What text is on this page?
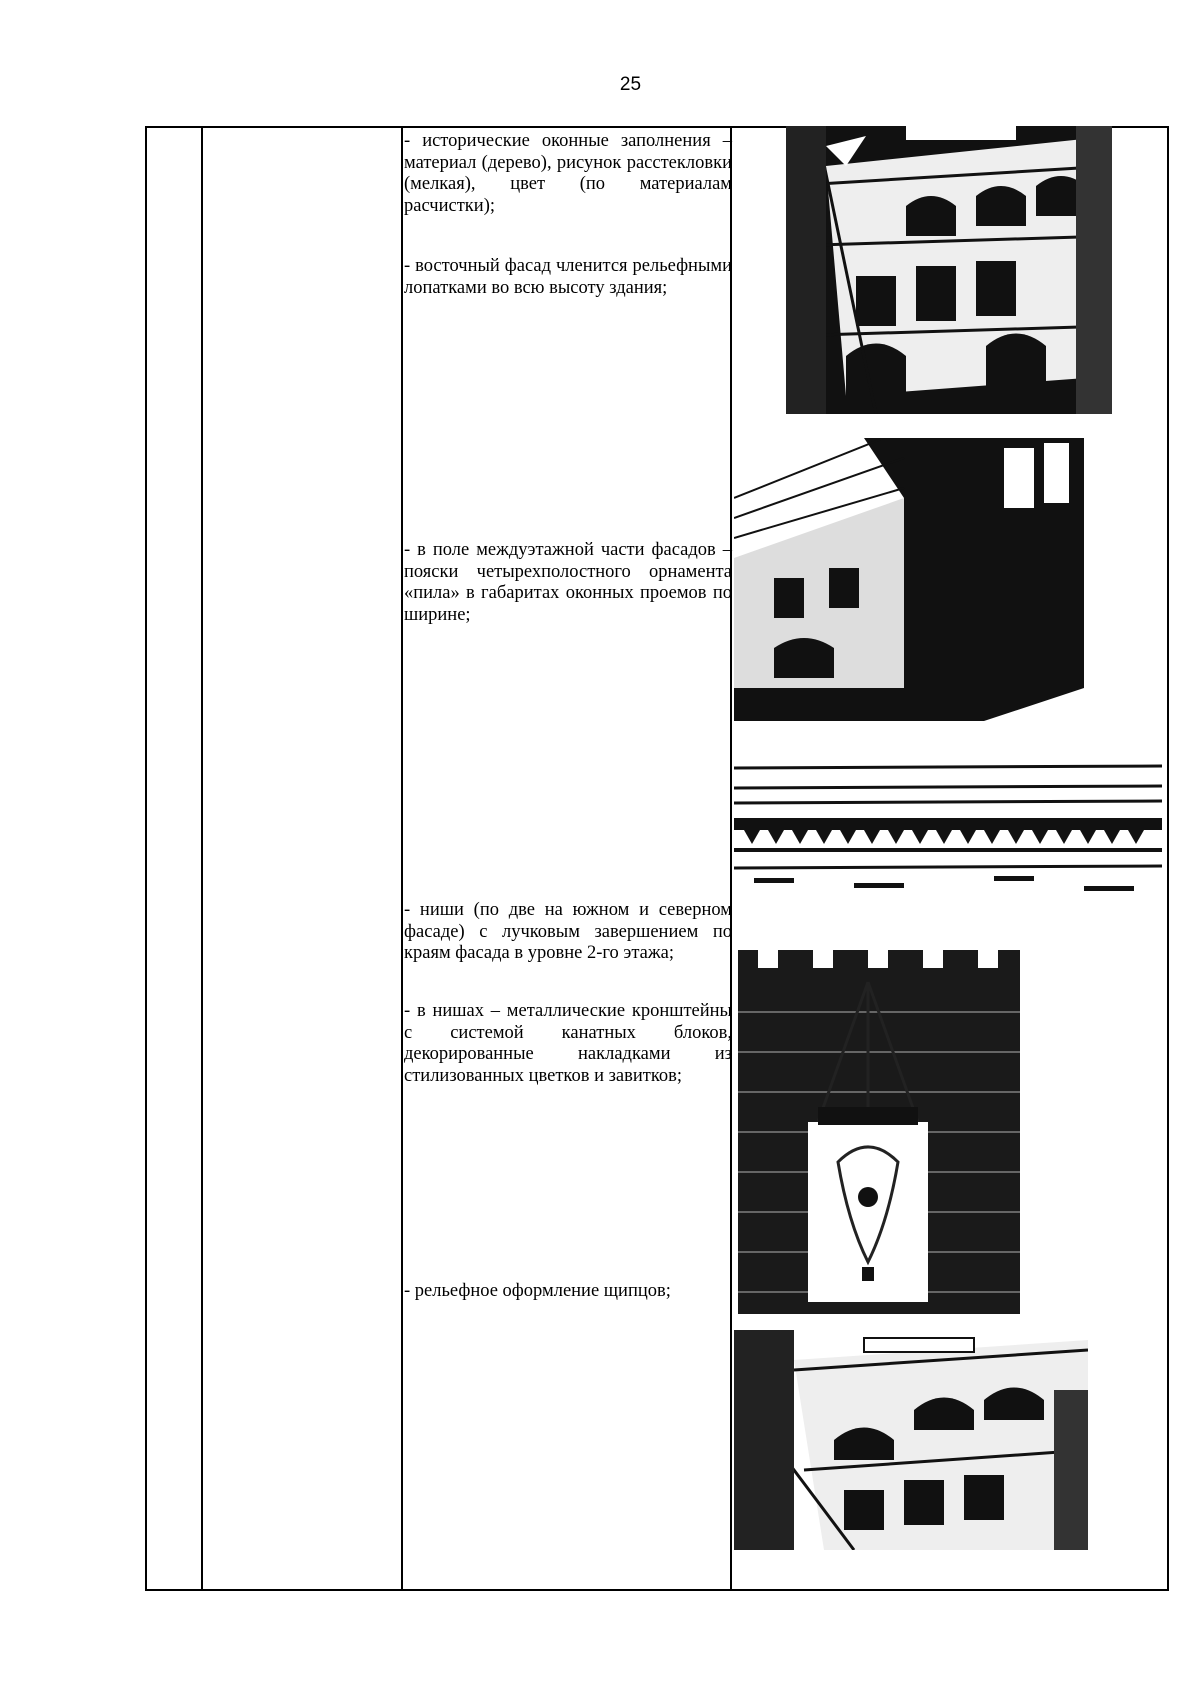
25
- исторические оконные заполнения – материал (дерево), рисунок расстекловки (мелкая), цвет (по материалам расчистки);
- восточный фасад членится рельефными лопатками во всю высоту здания;
- в поле междуэтажной части фасадов – пояски четырехполостного орнамента «пила» в габаритах оконных проемов по ширине;
- ниши (по две на южном и северном фасаде) с лучковым завершением по краям фасада в уровне 2-го этажа;
- в нишах – металлические кронштейны с системой канатных блоков, декорированные накладками из стилизованных цветков и завитков;
- рельефное оформление щипцов;
